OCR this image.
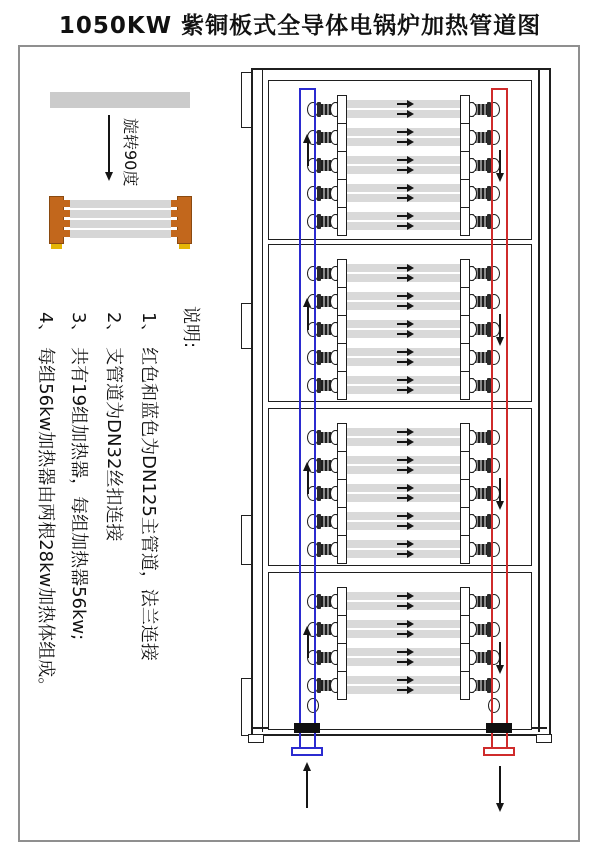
1050KW 紫铜板式全导体电锅炉加热管道图
旋转90度
说明:
1、 红色和蓝色为DN125主管道，法兰连接
2、 支管道为DN32丝扣连接
3、 共有19组加热器，每组加热器56kw;
4、 每组56kw加热器由两根28kw加热体组成。
